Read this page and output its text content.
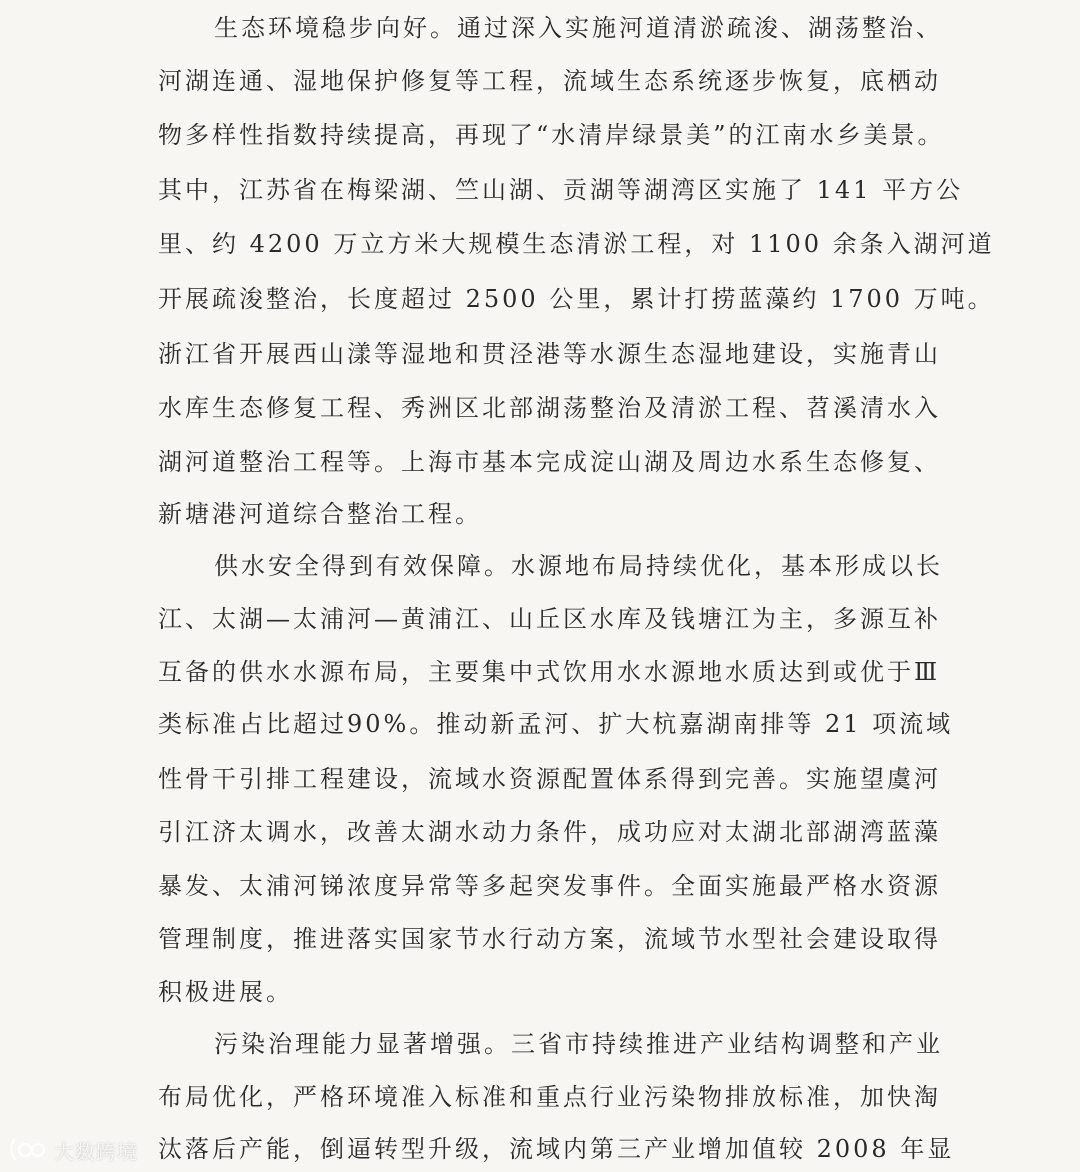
生态环境稳步向好。通过深入实施河道清淤疏浚、湖荡整治、
河湖连通、湿地保护修复等工程，流域生态系统逐步恢复，底栖动
物多样性指数持续提高，再现了“水清岸绿景美”的江南水乡美景。
其中，江苏省在梅梁湖、竺山湖、贡湖等湖湾区实施了 141 平方公
里、约 4200 万立方米大规模生态清淤工程，对 1100 余条入湖河道
开展疏浚整治，长度超过 2500 公里，累计打捞蓝藻约 1700 万吨。
浙江省开展西山漾等湿地和贯泾港等水源生态湿地建设，实施青山
水库生态修复工程、秀洲区北部湖荡整治及清淤工程、苕溪清水入
湖河道整治工程等。上海市基本完成淀山湖及周边水系生态修复、
新塘港河道综合整治工程。
供水安全得到有效保障。水源地布局持续优化，基本形成以长
江、太湖—太浦河—黄浦江、山丘区水库及钱塘江为主，多源互补
互备的供水水源布局，主要集中式饮用水水源地水质达到或优于Ⅲ
类标准占比超过90%。推动新孟河、扩大杭嘉湖南排等 21 项流域
性骨干引排工程建设，流域水资源配置体系得到完善。实施望虞河
引江济太调水，改善太湖水动力条件，成功应对太湖北部湖湾蓝藻
暴发、太浦河锑浓度异常等多起突发事件。全面实施最严格水资源
管理制度，推进落实国家节水行动方案，流域节水型社会建设取得
积极进展。
污染治理能力显著增强。三省市持续推进产业结构调整和产业
布局优化，严格环境准入标准和重点行业污染物排放标准，加快淘
汰落后产能，倒逼转型升级，流域内第三产业增加值较 2008 年显
大数跨境
